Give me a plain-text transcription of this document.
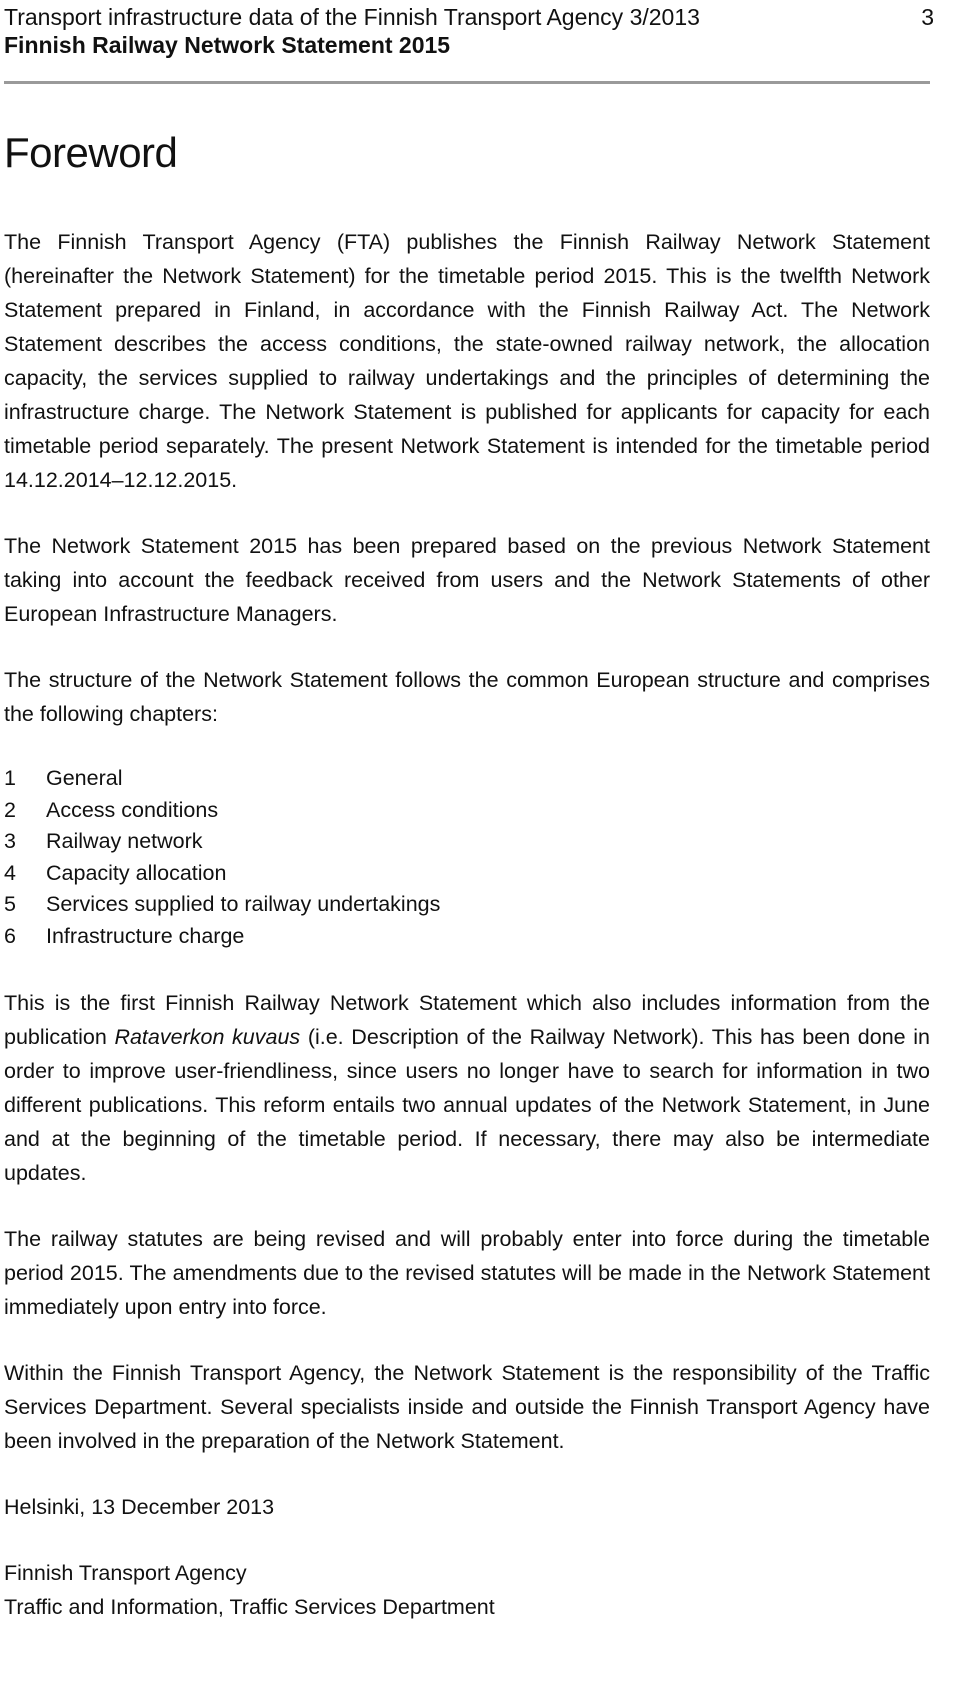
Transport infrastructure data of the Finnish Transport Agency 3/2013
Finnish Railway Network Statement 2015
3
Foreword

The Finnish Transport Agency (FTA) publishes the Finnish Railway Network Statement (hereinafter the Network Statement) for the timetable period 2015. This is the twelfth Network Statement prepared in Finland, in accordance with the Finnish Railway Act. The Network Statement describes the access conditions, the state-owned railway network, the allocation capacity, the services supplied to railway undertakings and the principles of determining the infrastructure charge. The Network Statement is published for applicants for capacity for each timetable period separately. The present Network Statement is intended for the timetable period 14.12.2014–12.12.2015.

The Network Statement 2015 has been prepared based on the previous Network Statement taking into account the feedback received from users and the Network Statements of other European Infrastructure Managers.

The structure of the Network Statement follows the common European structure and comprises the following chapters:

1	General
2	Access conditions
3	Railway network
4	Capacity allocation
5	Services supplied to railway undertakings
6	Infrastructure charge

This is the first Finnish Railway Network Statement which also includes information from the publication Rataverkon kuvaus (i.e. Description of the Railway Network). This has been done in order to improve user-friendliness, since users no longer have to search for information in two different publications. This reform entails two annual updates of the Network Statement, in June and at the beginning of the timetable period. If necessary, there may also be intermediate updates.

The railway statutes are being revised and will probably enter into force during the timetable period 2015. The amendments due to the revised statutes will be made in the Network Statement immediately upon entry into force.

Within the Finnish Transport Agency, the Network Statement is the responsibility of the Traffic Services Department. Several specialists inside and outside the Finnish Transport Agency have been involved in the preparation of the Network Statement.

Helsinki, 13 December 2013

Finnish Transport Agency
Traffic and Information, Traffic Services Department
